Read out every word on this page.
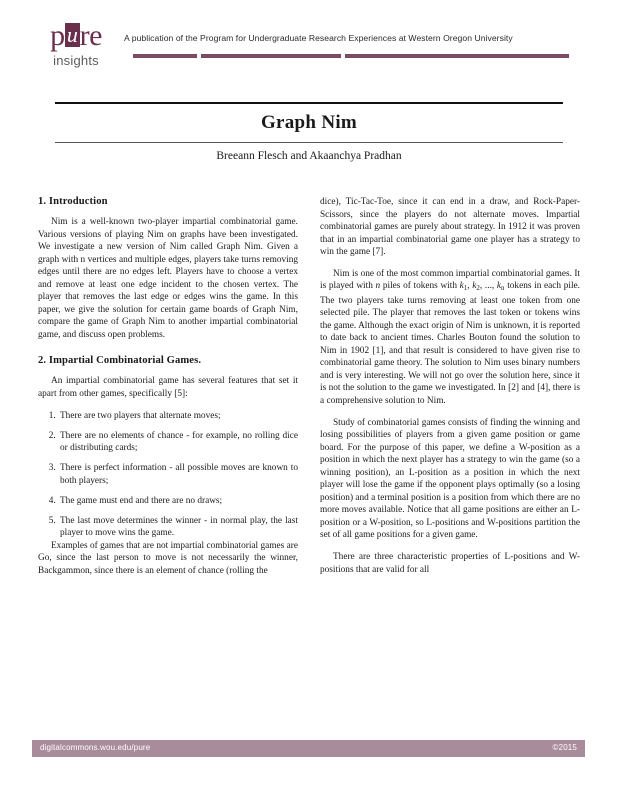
p ure
insights
A publication of the Program for Undergraduate Research Experiences at Western Oregon University
Graph Nim
Breeann Flesch and Akaanchya Pradhan
1. Introduction

Nim is a well-known two-player impartial combinatorial game. Various versions of playing Nim on graphs have been investigated. We investigate a new version of Nim called Graph Nim. Given a graph with n vertices and multiple edges, players take turns removing edges until there are no edges left. Players have to choose a vertex and remove at least one edge incident to the chosen vertex. The player that removes the last edge or edges wins the game. In this paper, we give the solution for certain game boards of Graph Nim, compare the game of Graph Nim to another impartial combinatorial game, and discuss open problems.

2. Impartial Combinatorial Games.

An impartial combinatorial game has several features that set it apart from other games, specifically [5]:

1. There are two players that alternate moves;
2. There are no elements of chance - for example, no rolling dice or distributing cards;
3. There is perfect information - all possible moves are known to both players;
4. The game must end and there are no draws;
5. The last move determines the winner - in normal play, the last player to move wins the game.

Examples of games that are not impartial combinatorial games are Go, since the last person to move is not necessarily the winner, Backgammon, since there is an element of chance (rolling the

dice), Tic-Tac-Toe, since it can end in a draw, and Rock-Paper-Scissors, since the players do not alternate moves. Impartial combinatorial games are purely about strategy. In 1912 it was proven that in an impartial combinatorial game one player has a strategy to win the game [7].

Nim is one of the most common impartial combinatorial games. It is played with n piles of tokens with $k_1$, $k_2$, ..., $k_n$ tokens in each pile. The two players take turns removing at least one token from one selected pile. The player that removes the last token or tokens wins the game. Although the exact origin of Nim is unknown, it is reported to date back to ancient times. Charles Bouton found the solution to Nim in 1902 [1], and that result is considered to have given rise to combinatorial game theory. The solution to Nim uses binary numbers and is very interesting. We will not go over the solution here, since it is not the solution to the game we investigated. In [2] and [4], there is a comprehensive solution to Nim.

Study of combinatorial games consists of finding the winning and losing possibilities of players from a given game position or game board. For the purpose of this paper, we define a W-position as a position in which the next player has a strategy to win the game (so a winning position), an L-position as a position in which the next player will lose the game if the opponent plays optimally (so a losing position) and a terminal position is a position from which there are no more moves available. Notice that all game positions are either an L-position or a W-position, so L-positions and W-positions partition the set of all game positions for a given game.

There are three characteristic properties of L-positions and W-positions that are valid for all

digitalcommons.wou.edu/pure	©2015
